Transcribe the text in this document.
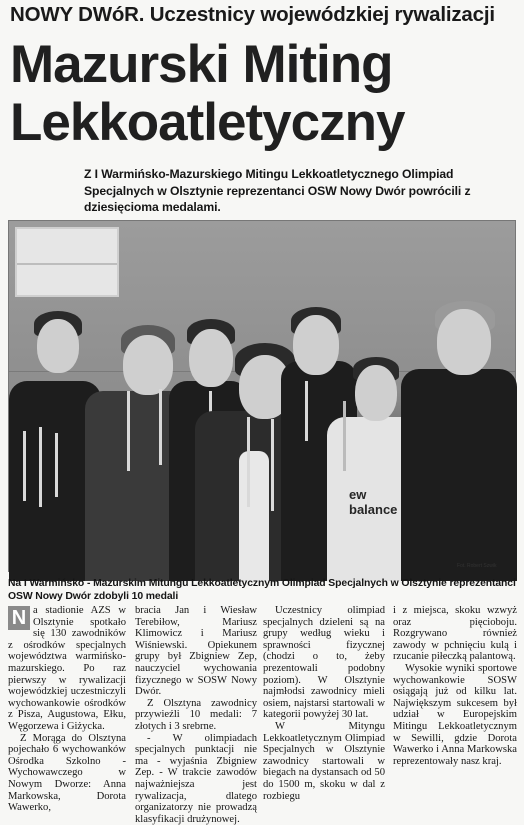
NOWY DWóR. Uczestnicy wojewódzkiej rywalizacji
Mazurski Miting
Lekkoatletyczny
Z I Warmińsko-Mazurskiego Mitingu Lekkoatletycznego Olimpiad Specjalnych w Olsztynie reprezentanci OSW Nowy Dwór powrócili z dziesięcioma medalami.
ew balance
Fot. Robert Szwik
Na I Warmińsko - Mazurskim Mitungu Lekkoatletycznym Olimpiad Specjalnych w Olsztynie reprezentanci OSW Nowy Dwór zdobyli 10 medali

N a stadionie AZS w Olsztynie spotkało się 130 zawodników z ośrodków specjalnych województwa warmińsko-mazurskiego. Po raz pierwszy w rywalizacji wojewódzkiej uczestniczyli wychowankowie ośrodków z Pisza, Augustowa, Ełku, Węgorzewa i Giżycka.

Z Morąga do Olsztyna pojechało 6 wychowanków Ośrodka Szkolno - Wychowawczego w Nowym Dworze: Anna Markowska, Dorota Wawerko,

bracia Jan i Wiesław Terebiłow, Mariusz Klimowicz i Mariusz Wiśniewski. Opiekunem grupy był Zbigniew Zep, nauczyciel wychowania fizycznego w SOSW Nowy Dwór.

Z Olsztyna zawodnicy przywieźli 10 medali: 7 złotych i 3 srebrne.

- W olimpiadach specjalnych punktacji nie ma - wyjaśnia Zbigniew Zep. - W trakcie zawodów najważniejsza jest rywalizacja, dlatego organizatorzy nie prowadzą klasyfikacji drużynowej.

Uczestnicy olimpiad specjalnych dzieleni są na grupy według wieku i sprawności fizycznej (chodzi o to, żeby prezentowali podobny poziom). W Olsztynie najmłodsi zawodnicy mieli osiem, najstarsi startowali w kategorii powyżej 30 lat.

W Mityngu Lekkoatletycznym Olimpiad Specjalnych w Olsztynie zawodnicy startowali w biegach na dystansach od 50 do 1500 m, skoku w dal z rozbiegu

i z miejsca, skoku wzwyż oraz pięcioboju. Rozgrywano również zawody w pchnięciu kulą i rzucanie piłeczką palantową.

Wysokie wyniki sportowe wychowankowie SOSW osiągają już od kilku lat. Największym sukcesem był udział w Europejskim Mitingu Lekkoatletycznym w Sewilli, gdzie Dorota Wawerko i Anna Markowska reprezentowały nasz kraj.
